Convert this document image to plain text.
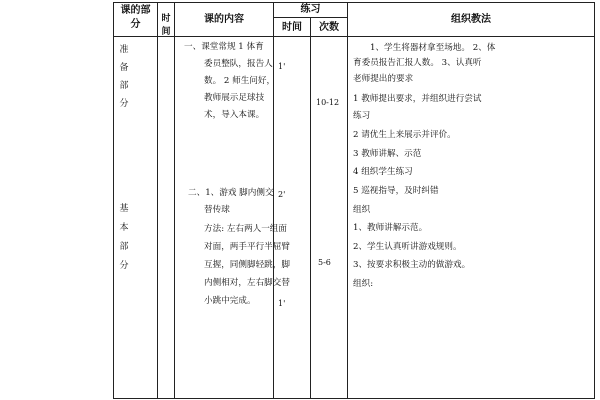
课的部
分	时间
课的内容
练习
时间	次数
组织教法
准
备
部
分
基
本
部
分
一、课堂常规 1 体育
委员整队，报告人
数。 2 师生问好，
教师展示足球技
术，导入本课。
二、1、游戏 脚内侧交
替传球
方法: 左右两人一组面
对面，两手平行半屈臂
互握，同侧脚轻跳，脚
内侧相对，左右脚交替
小跳中完成。
1'
2'
1'
10-12
5-6
1、学生将器材拿至场地。 2、体
育委员报告汇报人数。 3、认真听
老师提出的要求
1 教师提出要求，并组织进行尝试
练习
2 请优生上来展示并评价。
3 教师讲解、示范
4 组织学生练习
5 巡视指导，及时纠错
组织
1、教师讲解示范。
2、学生认真听讲游戏规则。
3、按要求积极主动的做游戏。
组织:
